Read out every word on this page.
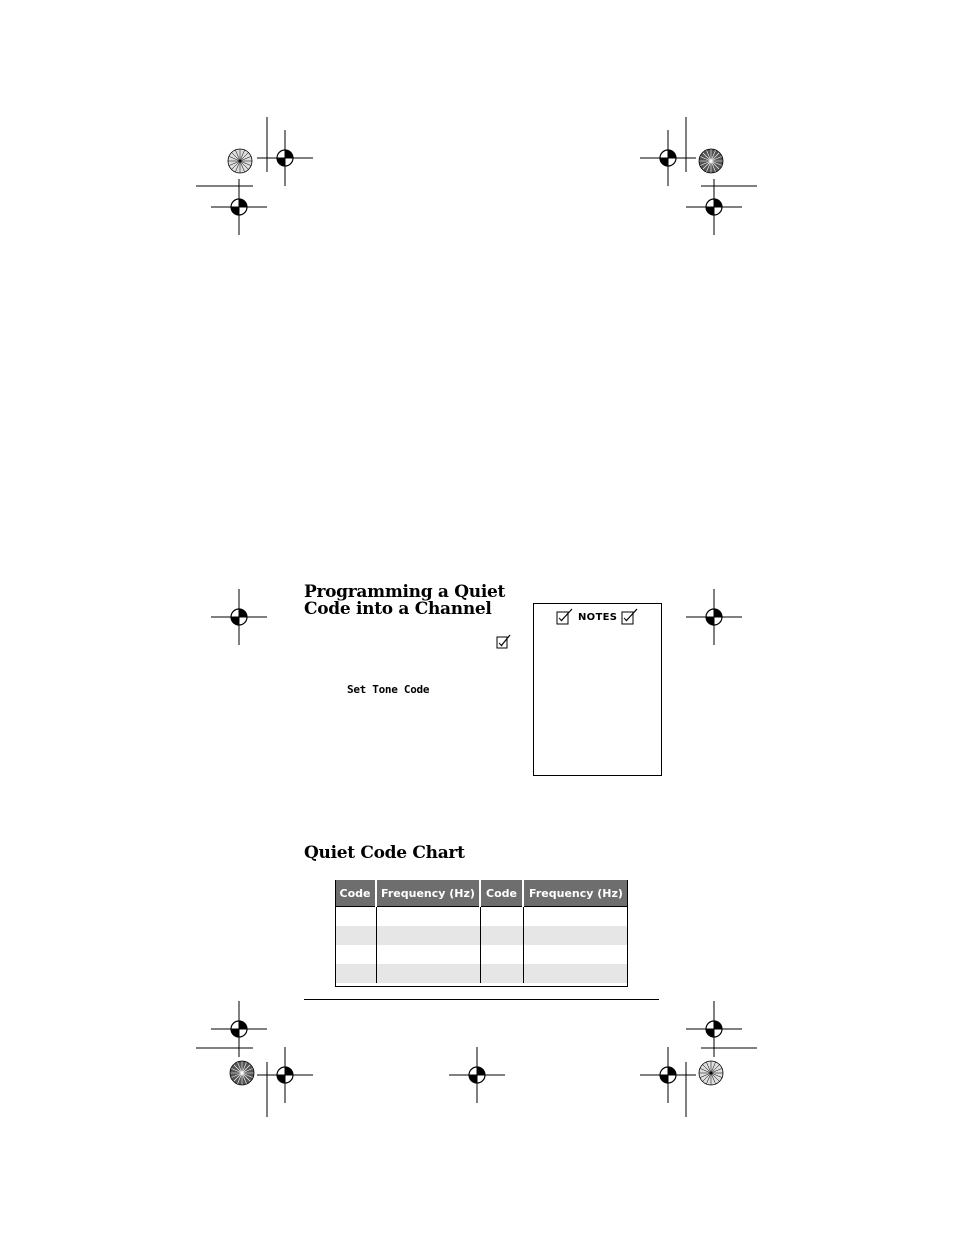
Programming a Quiet
Code into a Channel
Set Tone Code
NOTES
Quiet Code Chart
Code	Frequency (Hz)	Code	Frequency (Hz)
